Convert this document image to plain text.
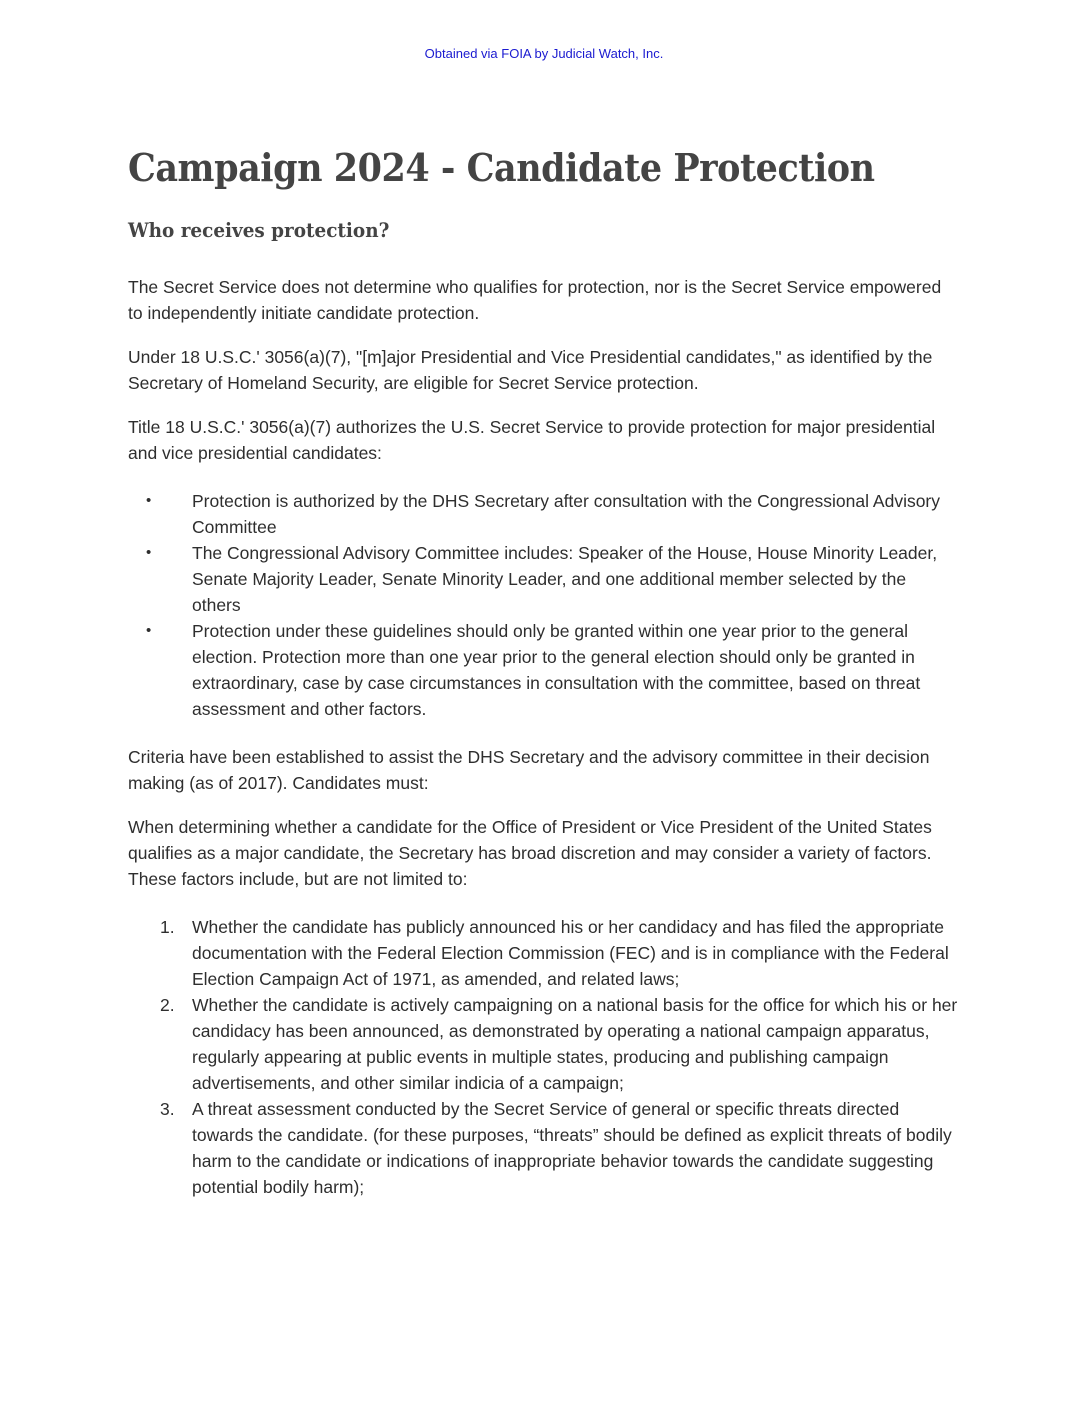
Obtained via FOIA by Judicial Watch, Inc.
Campaign 2024 - Candidate Protection
Who receives protection?

The Secret Service does not determine who qualifies for protection, nor is the Secret Service empowered to independently initiate candidate protection.

Under 18 U.S.C.' 3056(a)(7), "[m]ajor Presidential and Vice Presidential candidates," as identified by the Secretary of Homeland Security, are eligible for Secret Service protection.

Title 18 U.S.C.' 3056(a)(7) authorizes the U.S. Secret Service to provide protection for major presidential and vice presidential candidates:

• Protection is authorized by the DHS Secretary after consultation with the Congressional Advisory Committee
• The Congressional Advisory Committee includes: Speaker of the House, House Minority Leader, Senate Majority Leader, Senate Minority Leader, and one additional member selected by the others
• Protection under these guidelines should only be granted within one year prior to the general election. Protection more than one year prior to the general election should only be granted in extraordinary, case by case circumstances in consultation with the committee, based on threat assessment and other factors.

Criteria have been established to assist the DHS Secretary and the advisory committee in their decision making (as of 2017). Candidates must:

When determining whether a candidate for the Office of President or Vice President of the United States qualifies as a major candidate, the Secretary has broad discretion and may consider a variety of factors. These factors include, but are not limited to:

1. Whether the candidate has publicly announced his or her candidacy and has filed the appropriate documentation with the Federal Election Commission (FEC) and is in compliance with the Federal Election Campaign Act of 1971, as amended, and related laws;
2. Whether the candidate is actively campaigning on a national basis for the office for which his or her candidacy has been announced, as demonstrated by operating a national campaign apparatus, regularly appearing at public events in multiple states, producing and publishing campaign advertisements, and other similar indicia of a campaign;
3. A threat assessment conducted by the Secret Service of general or specific threats directed towards the candidate. (for these purposes, “threats” should be defined as explicit threats of bodily harm to the candidate or indications of inappropriate behavior towards the candidate suggesting potential bodily harm);
